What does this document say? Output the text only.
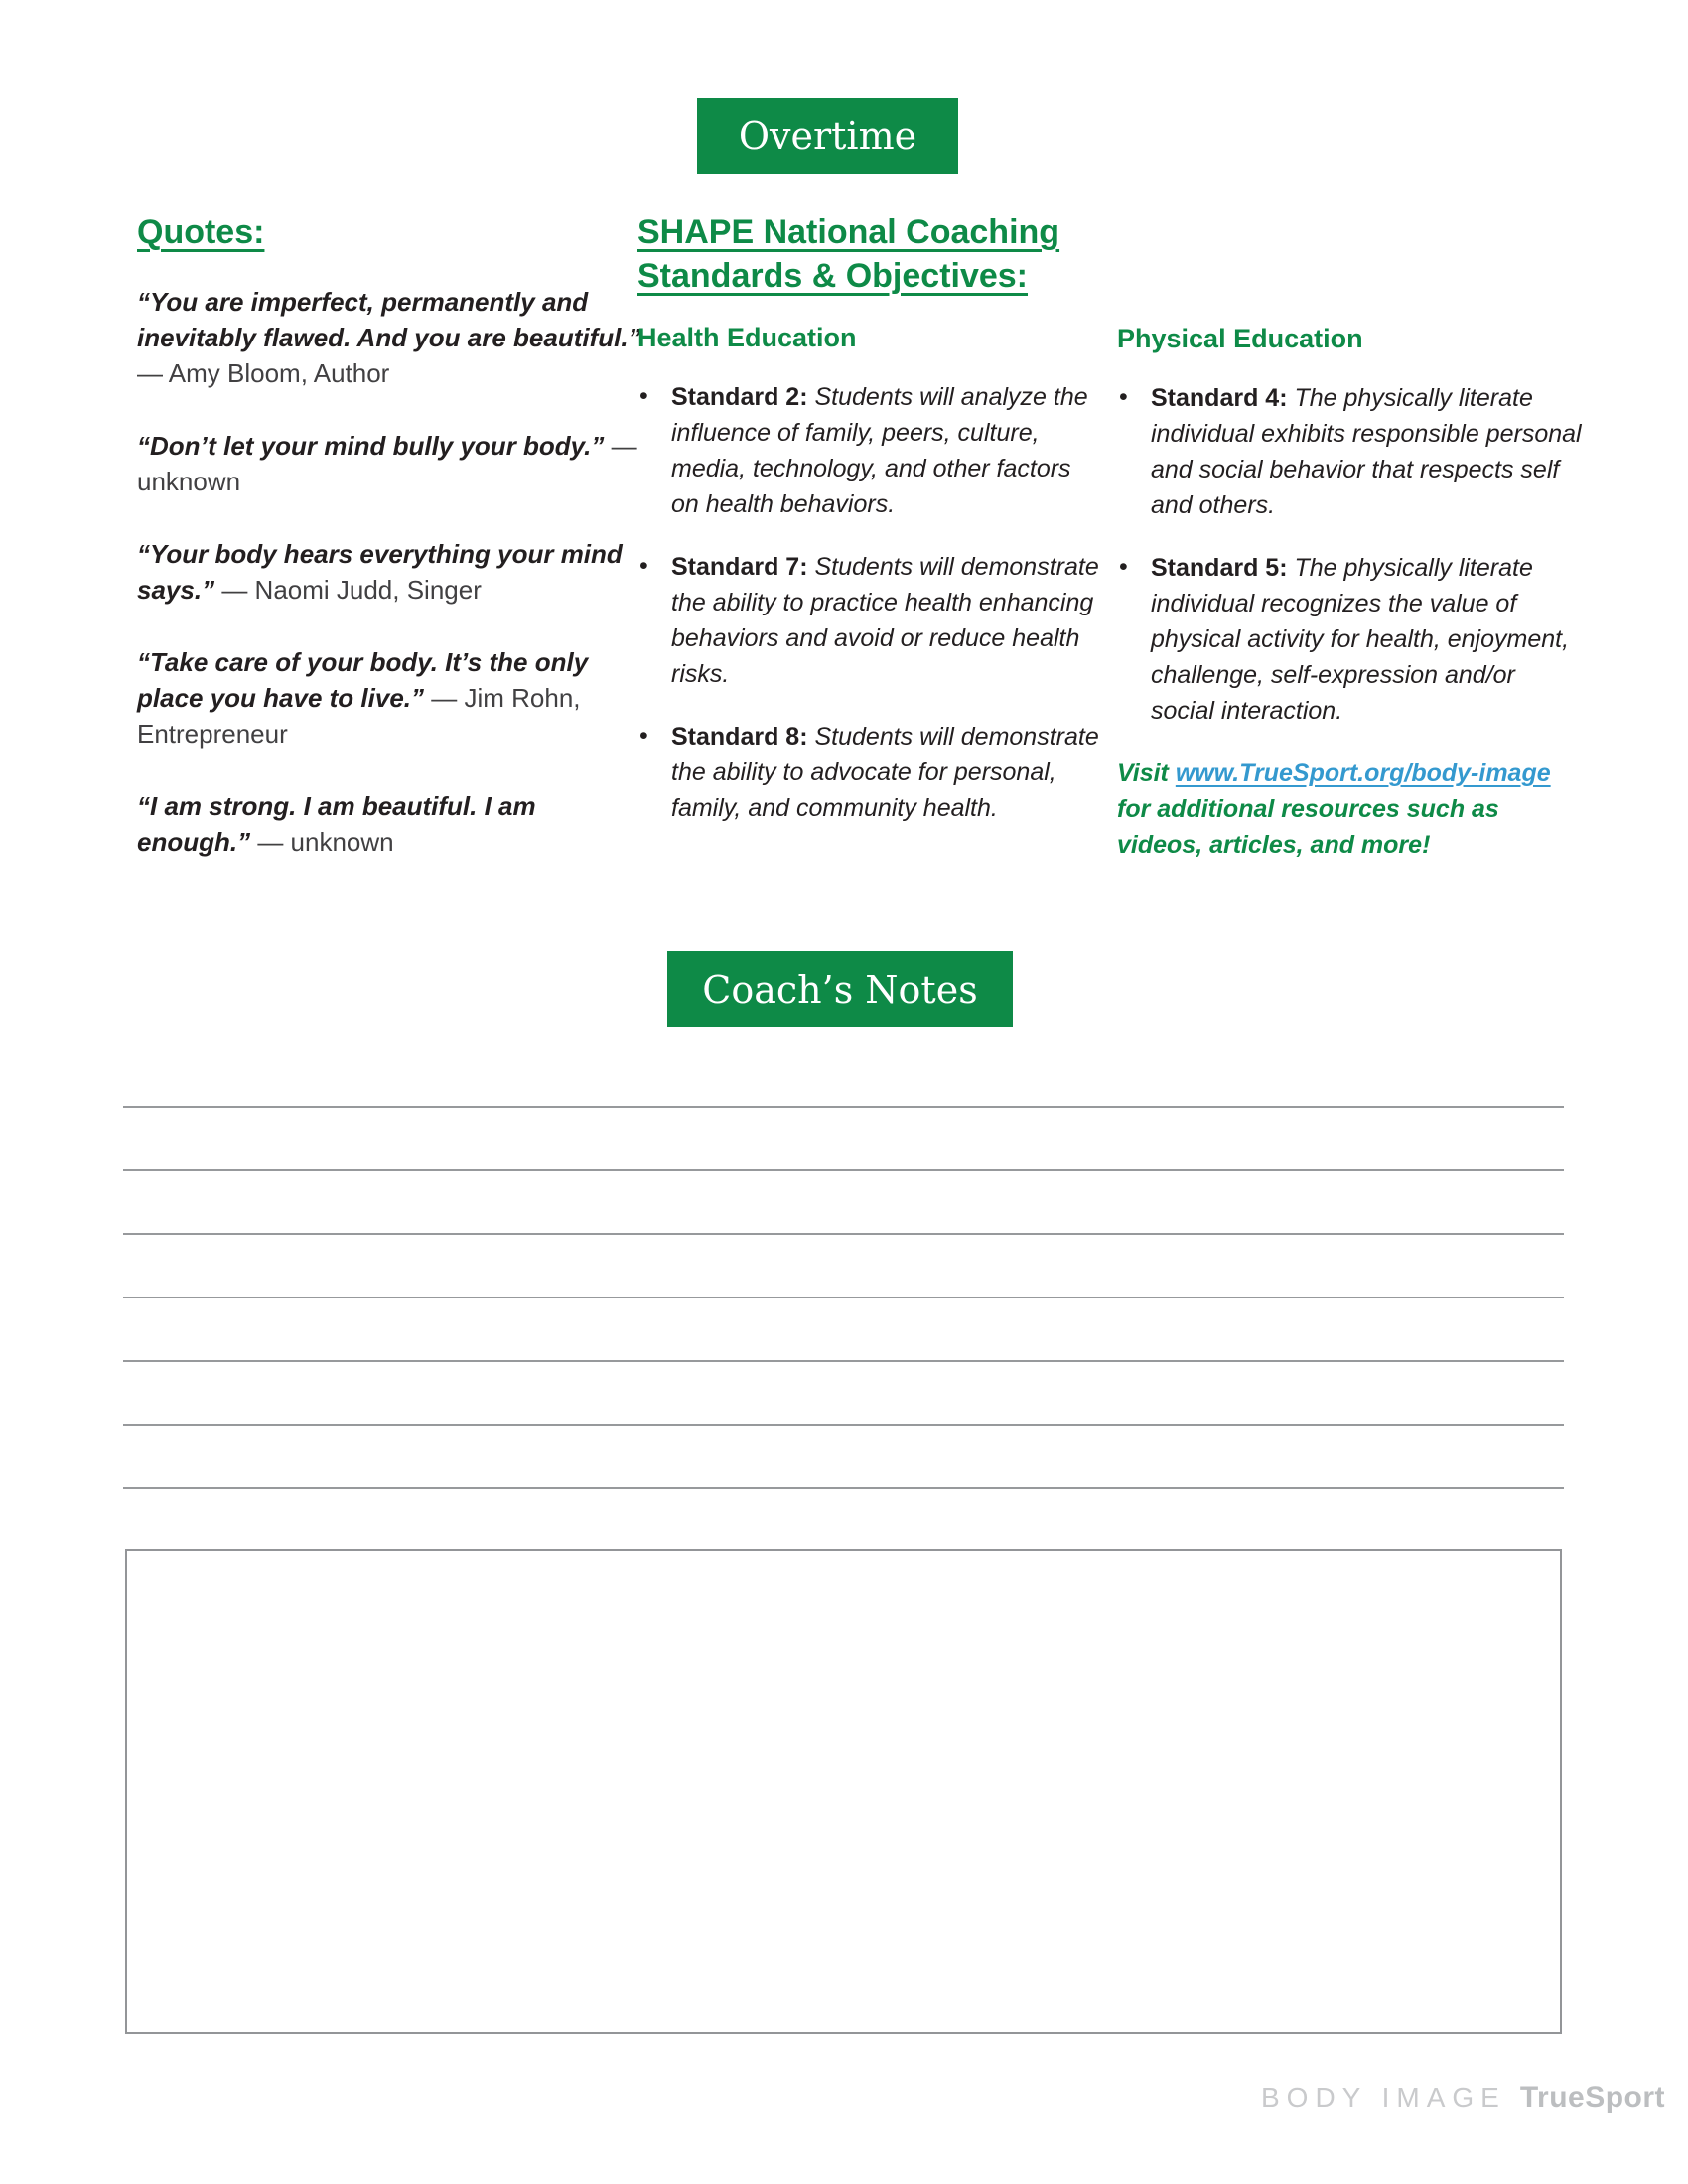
Overtime
Quotes:

“You are imperfect, permanently and inevitably flawed. And you are beautiful.” — Amy Bloom, Author

“Don’t let your mind bully your body.” — unknown

“Your body hears everything your mind says.” — Naomi Judd, Singer

“Take care of your body. It’s the only place you have to live.” — Jim Rohn, Entrepreneur

“I am strong. I am beautiful. I am enough.” — unknown

SHAPE National Coaching
Standards & Objectives:
Health Education
• Standard 2: Students will analyze the influence of family, peers, culture, media, technology, and other factors on health behaviors.
• Standard 7: Students will demonstrate the ability to practice health enhancing behaviors and avoid or reduce health risks.
• Standard 8: Students will demonstrate the ability to advocate for personal, family, and community health.
Physical Education
• Standard 4: The physically literate individual exhibits responsible personal and social behavior that respects self and others.
• Standard 5: The physically literate individual recognizes the value of physical activity for health, enjoyment, challenge, self-expression and/or social interaction.

Visit www.TrueSport.org/body-image for additional resources such as videos, articles, and more!

Coach’s Notes
BODY IMAGE TrueSport
